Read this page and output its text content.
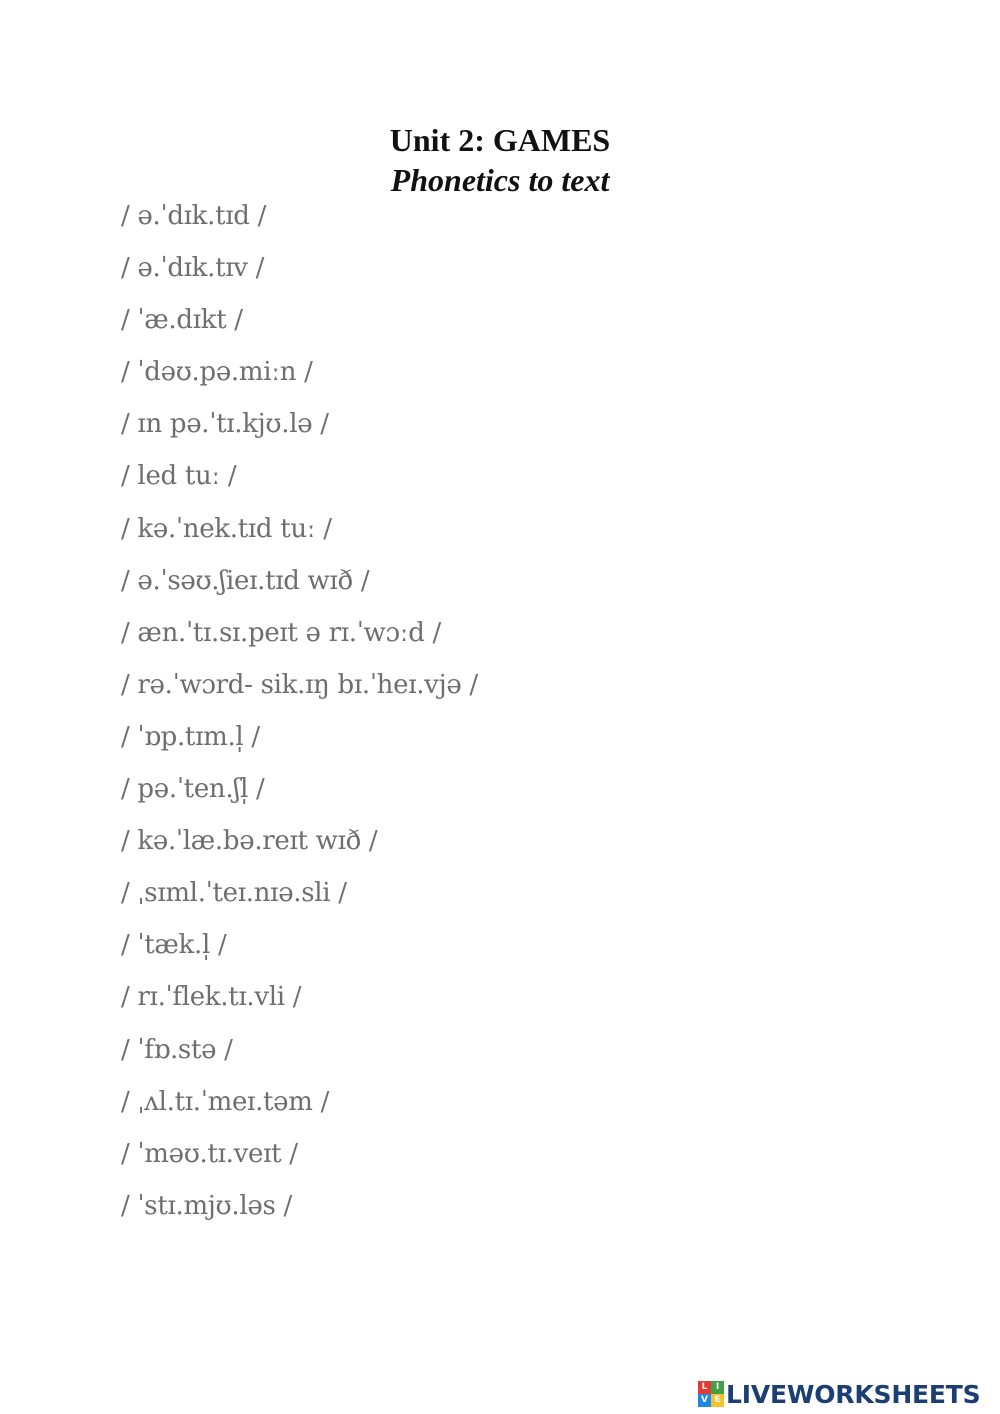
Unit 2: GAMES
Phonetics to text
/ ə.ˈdɪk.tɪd /
/ ə.ˈdɪk.tɪv /
/ ˈæ.dɪkt /
/ ˈdəʊ.pə.miːn /
/ ɪn pə.ˈtɪ.kjʊ.lə /
/ led tuː /
/ kə.ˈnek.tɪd tuː /
/ ə.ˈsəʊ.ʃieɪ.tɪd wɪð /
/ æn.ˈtɪ.sɪ.peɪt ə rɪ.ˈwɔːd /
/ rə.ˈwɔrd- sik.ɪŋ bɪ.ˈheɪ.vjə /
/ ˈɒp.tɪm.l̩ /
/ pə.ˈten.ʃl̩ /
/ kə.ˈlæ.bə.reɪt wɪð /
/ ˌsɪml.ˈteɪ.nɪə.sli /
/ ˈtæk.l̩ /
/ rɪ.ˈflek.tɪ.vli /
/ ˈfɒ.stə /
/ ˌʌl.tɪ.ˈmeɪ.təm /
/ ˈməʊ.tɪ.veɪt /
/ ˈstɪ.mjʊ.ləs /
L I
V E LIVEWORKSHEETS
